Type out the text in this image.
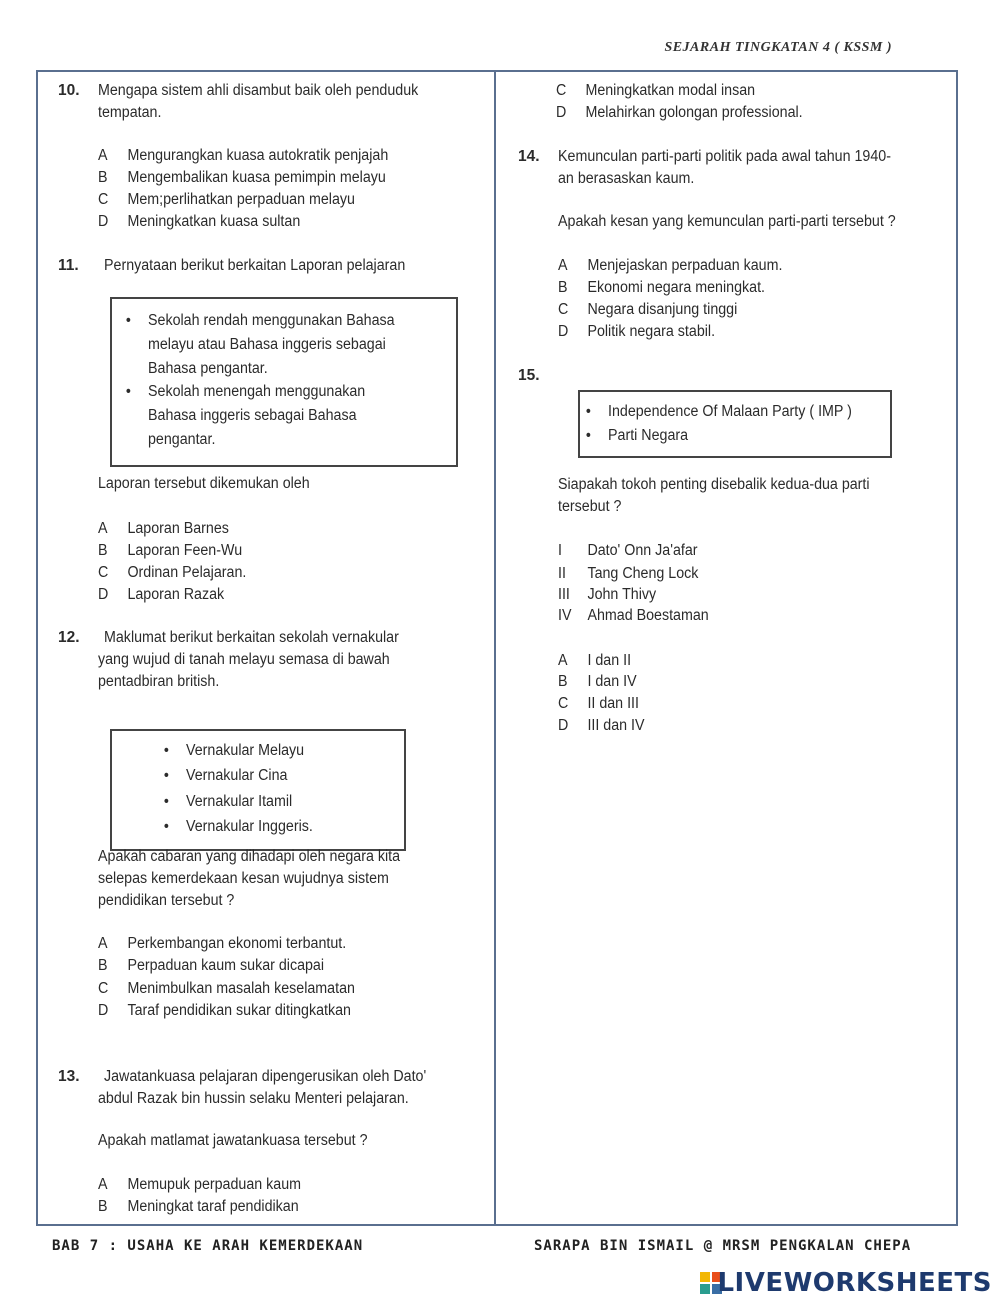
SEJARAH TINGKATAN 4 ( KSSM )
10. Mengapa sistem ahli disambut baik oleh penduduk
tempatan.
A Mengurangkan kuasa autokratik penjajah
B Mengembalikan kuasa pemimpin melayu
C Mem;perlihatkan perpaduan melayu
D Meningkatkan kuasa sultan
11. Pernyataan berikut berkaitan Laporan pelajaran
• Sekolah rendah menggunakan Bahasa
melayu atau Bahasa inggeris sebagai
Bahasa pengantar.
• Sekolah menengah menggunakan
Bahasa inggeris sebagai Bahasa
pengantar.
Laporan tersebut dikemukan oleh
A Laporan Barnes
B Laporan Feen-Wu
C Ordinan Pelajaran.
D Laporan Razak
12. Maklumat berikut berkaitan sekolah vernakular
yang wujud di tanah melayu semasa di bawah
pentadbiran british.
• Vernakular Melayu
• Vernakular Cina
• Vernakular Itamil
• Vernakular Inggeris.
Apakah cabaran yang dihadapi oleh negara kita
selepas kemerdekaan kesan wujudnya sistem
pendidikan tersebut ?
A Perkembangan ekonomi terbantut.
B Perpaduan kaum sukar dicapai
C Menimbulkan masalah keselamatan
D Taraf pendidikan sukar ditingkatkan
13. Jawatankuasa pelajaran dipengerusikan oleh Dato'
abdul Razak bin hussin selaku Menteri pelajaran.
Apakah matlamat jawatankuasa tersebut ?
A Memupuk perpaduan kaum
B Meningkat taraf pendidikan
C Meningkatkan modal insan
D Melahirkan golongan professional.
14. Kemunculan parti-parti politik pada awal tahun 1940-
an berasaskan kaum.
Apakah kesan yang kemunculan parti-parti tersebut ?
A Menjejaskan perpaduan kaum.
B Ekonomi negara meningkat.
C Negara disanjung tinggi
D Politik negara stabil.
15.
• Independence Of Malaan Party ( IMP )
• Parti Negara
Siapakah tokoh penting disebalik kedua-dua parti
tersebut ?
I Dato' Onn Ja'afar
II Tang Cheng Lock
III John Thivy
IV Ahmad Boestaman
A I dan II
B I dan IV
C II dan III
D III dan IV
BAB 7 : USAHA KE ARAH KEMERDEKAAN	SARAPA BIN ISMAIL @ MRSM PENGKALAN CHEPA
LIVEWORKSHEETS
